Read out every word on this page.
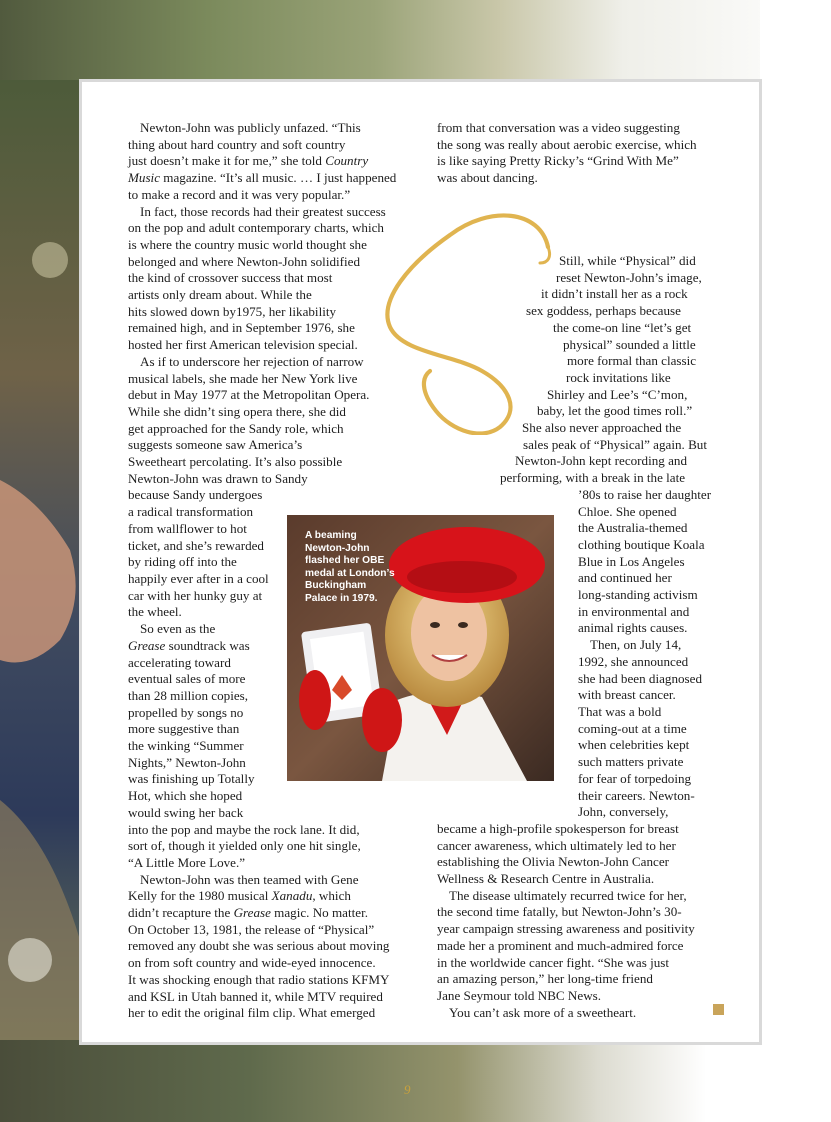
Newton-John was publicly unfazed. “This
thing about hard country and soft country
just doesn’t make it for me,” she told Country
Music magazine. “It’s all music. … I just happened
to make a record and it was very popular.”

In fact, those records had their greatest success
on the pop and adult contemporary charts, which
is where the country music world thought she
belonged and where Newton-John solidified
the kind of crossover success that most
artists only dream about. While the
hits slowed down by1975, her likability
remained high, and in September 1976, she
hosted her first American television special.

As if to underscore her rejection of narrow
musical labels, she made her New York live
debut in May 1977 at the Metropolitan Opera.
While she didn’t sing opera there, she did
get approached for the Sandy role, which
suggests someone saw America’s
Sweetheart percolating. It’s also possible
Newton-John was drawn to Sandy
because Sandy undergoes
a radical transformation
from wallflower to hot
ticket, and she’s rewarded
by riding off into the
happily ever after in a cool
car with her hunky guy at
the wheel.

So even as the
Grease soundtrack was
accelerating toward
eventual sales of more
than 28 million copies,
propelled by songs no
more suggestive than
the winking “Summer
Nights,” Newton-John
was finishing up Totally
Hot, which she hoped
would swing her back
into the pop and maybe the rock lane. It did,
sort of, though it yielded only one hit single,
“A Little More Love.”

Newton-John was then teamed with Gene
Kelly for the 1980 musical Xanadu, which
didn’t recapture the Grease magic. No matter.
On October 13, 1981, the release of “Physical”
removed any doubt she was serious about moving
on from soft country and wide-eyed innocence.
It was shocking enough that radio stations KFMY
and KSL in Utah banned it, while MTV required
her to edit the original film clip. What emerged

from that conversation was a video suggesting
the song was really about aerobic exercise, which
is like saying Pretty Ricky’s “Grind With Me”
was about dancing.
Still, while “Physical” did
reset Newton-John’s image,
it didn’t install her as a rock
sex goddess, perhaps because
the come-on line “let’s get
physical” sounded a little
more formal than classic
rock invitations like
Shirley and Lee’s “C’mon,
baby, let the good times roll.”
She also never approached the
sales peak of “Physical” again. But
Newton-John kept recording and
performing, with a break in the late
’80s to raise her daughter
Chloe. She opened
the Australia-themed
clothing boutique Koala
Blue in Los Angeles
and continued her
long-standing activism
in environmental and
animal rights causes.
Then, on July 14,
1992, she announced
she had been diagnosed
with breast cancer.
That was a bold
coming-out at a time
when celebrities kept
such matters private
for fear of torpedoing
their careers. Newton-
John, conversely,
became a high-profile spokesperson for breast
cancer awareness, which ultimately led to her
establishing the Olivia Newton-John Cancer
Wellness & Research Centre in Australia.
The disease ultimately recurred twice for her,
the second time fatally, but Newton-John’s 30-
year campaign stressing awareness and positivity
made her a prominent and much-admired force
in the worldwide cancer fight. “She was just
an amazing person,” her long-time friend
Jane Seymour told NBC News.
You can’t ask more of a sweetheart.
A beaming
Newton-John
flashed her OBE
medal at London’s
Buckingham
Palace in 1979.
9
